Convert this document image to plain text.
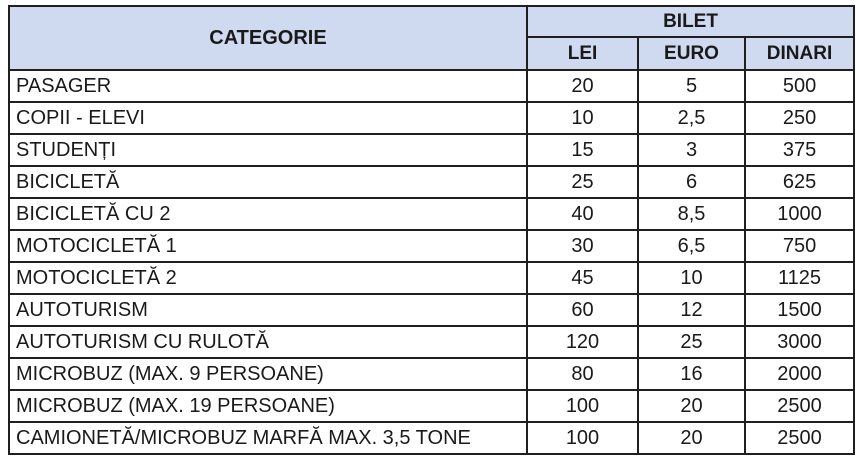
CATEGORIE	BILET		
	LEI	EURO	DINARI
PASAGER	20	5	500
COPII - ELEVI	10	2,5	250
STUDENȚI	15	3	375
BICICLETĂ	25	6	625
BICICLETĂ CU 2	40	8,5	1000
MOTOCICLETĂ 1	30	6,5	750
MOTOCICLETĂ 2	45	10	1125
AUTOTURISM	60	12	1500
AUTOTURISM CU RULOTĂ	120	25	3000
MICROBUZ (MAX. 9 PERSOANE)	80	16	2000
MICROBUZ (MAX. 19 PERSOANE)	100	20	2500
CAMIONETĂ/MICROBUZ MARFĂ MAX. 3,5 TONE	100	20	2500
